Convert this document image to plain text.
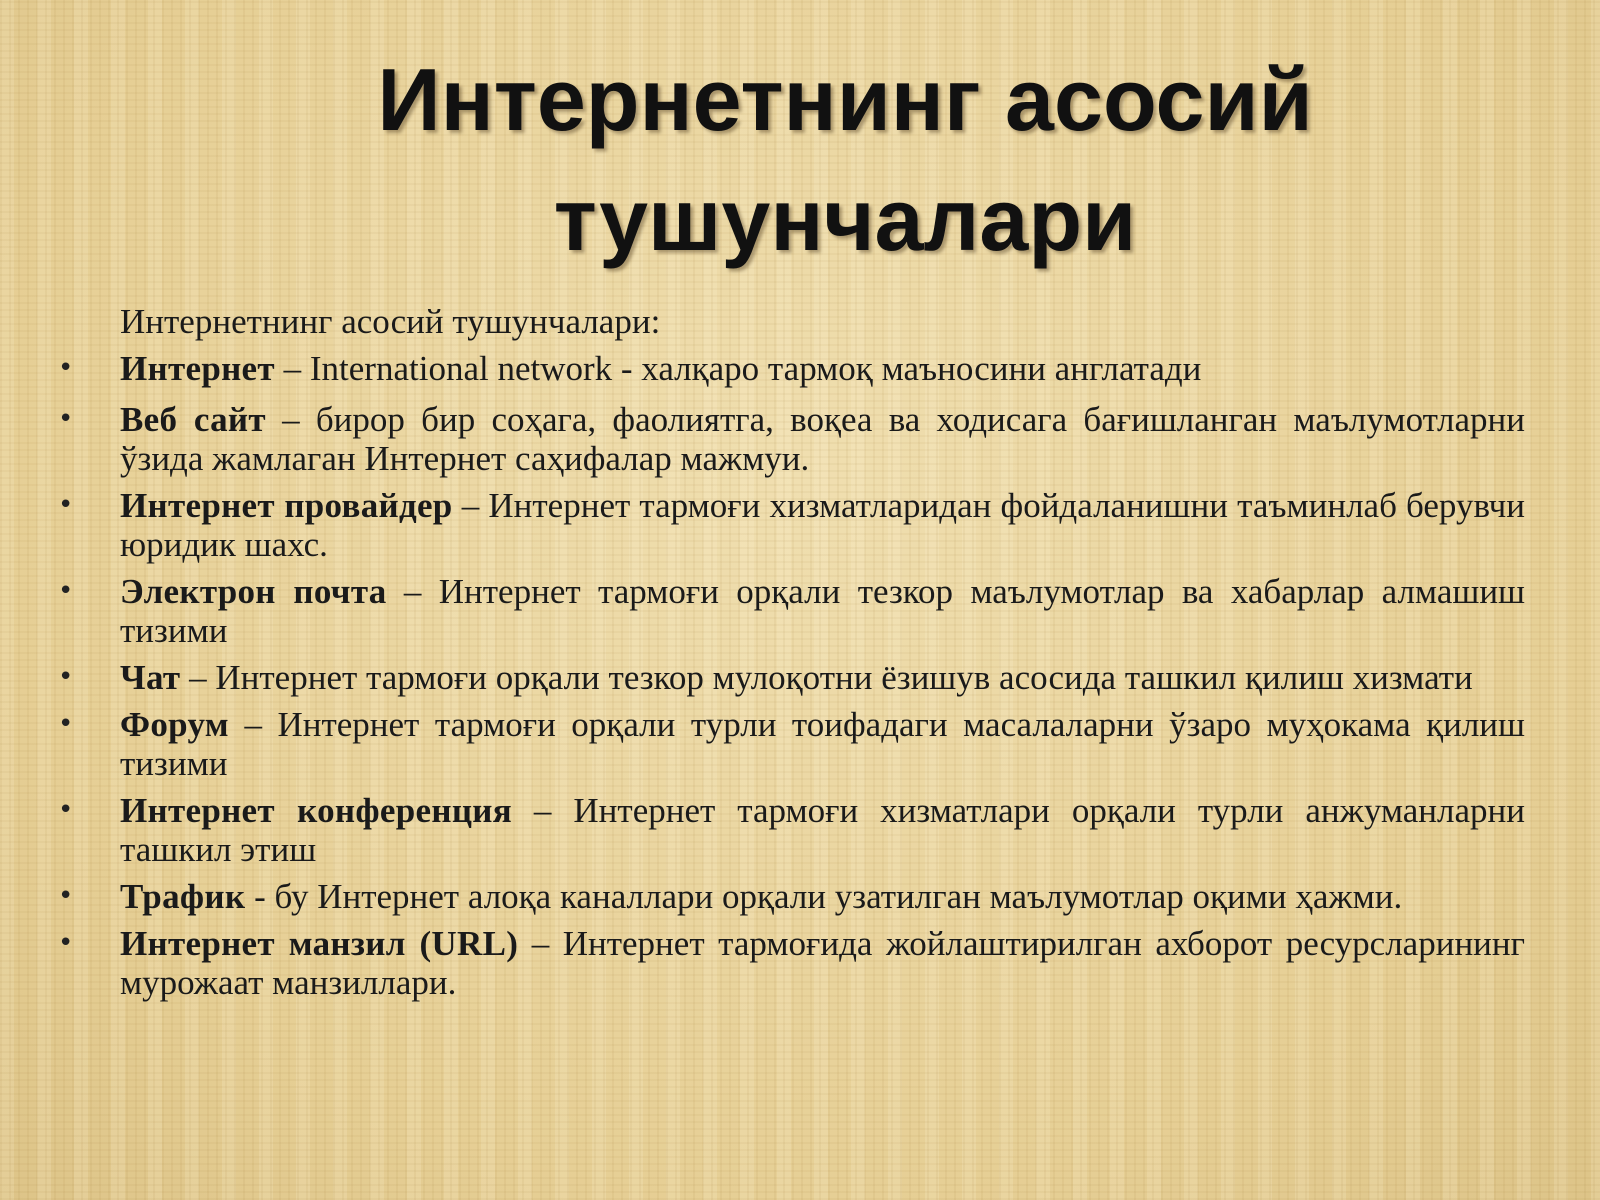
Интернетнинг асосий тушунчалари

Интернетнинг асосий тушунчалари:

• Интернет – International network - халқаро тармоқ маъносини англатади
• Веб сайт – бирор бир соҳага, фаолиятга, воқеа ва ходисага бағишланган маълумотларни ўзида жамлаган Интернет саҳифалар мажмуи.
• Интернет провайдер – Интернет тармоғи хизматларидан фойдаланишни таъминлаб берувчи юридик шахс.
• Электрон почта – Интернет тармоғи орқали тезкор маълумотлар ва хабарлар алмашиш тизими
• Чат – Интернет тармоғи орқали тезкор мулоқотни ёзишув асосида ташкил қилиш хизмати
• Форум – Интернет тармоғи орқали турли тоифадаги масалаларни ўзаро муҳокама қилиш тизими
• Интернет конференция – Интернет тармоғи хизматлари орқали турли анжуманларни ташкил этиш
• Трафик - бу Интернет алоқа каналлари орқали узатилган маълумотлар оқими ҳажми.
• Интернет манзил (URL) – Интернет тармоғида жойлаштирилган ахборот ресурсларининг мурожаат манзиллари.
